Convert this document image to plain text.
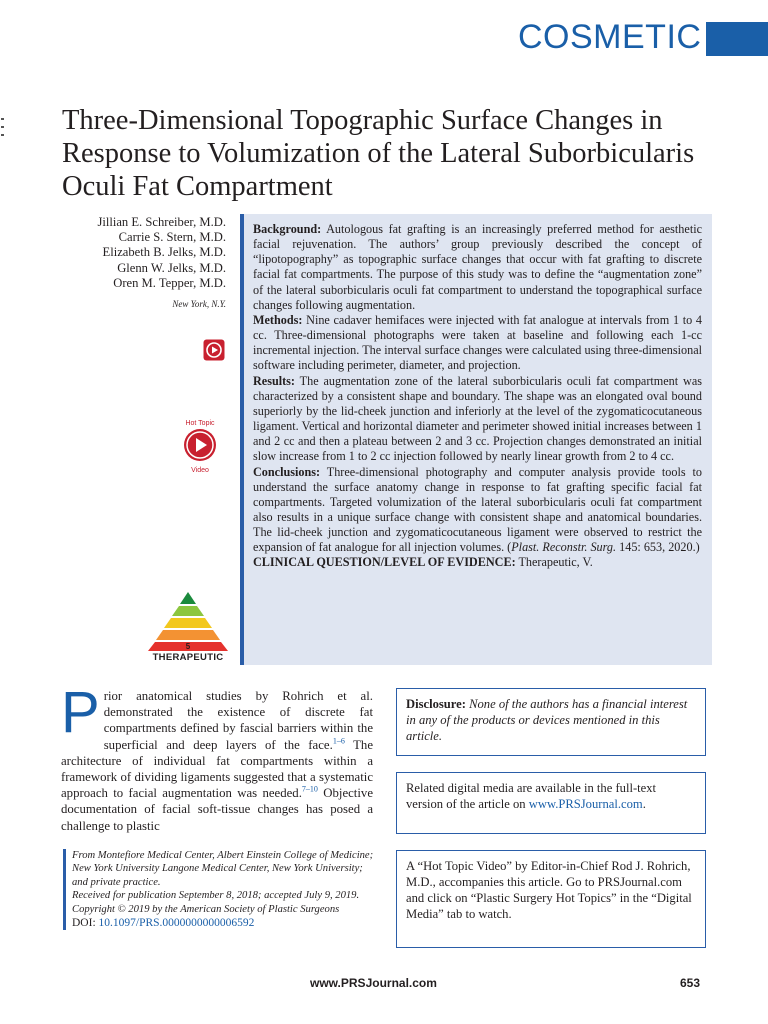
COSMETIC
Three-Dimensional Topographic Surface Changes in Response to Volumization of the Lateral Suborbicularis Oculi Fat Compartment
Jillian E. Schreiber, M.D.
Carrie S. Stern, M.D.
Elizabeth B. Jelks, M.D.
Glenn W. Jelks, M.D.
Oren M. Tepper, M.D.
New York, N.Y.
Hot Topic
Video
5
THERAPEUTIC

Background: Autologous fat grafting is an increasingly preferred method for aesthetic facial rejuvenation. The authors’ group previously described the concept of “lipotopography” as topographic surface changes that occur with fat grafting to discrete facial fat compartments. The purpose of this study was to define the “augmentation zone” of the lateral suborbicularis oculi fat compartment to understand the topographical surface changes following augmentation.

Methods: Nine cadaver hemifaces were injected with fat analogue at intervals from 1 to 4 cc. Three-dimensional photographs were taken at baseline and following each 1-cc incremental injection. The interval surface changes were calculated using three-dimensional software including perimeter, diameter, and projection.

Results: The augmentation zone of the lateral suborbicularis oculi fat compartment was characterized by a consistent shape and boundary. The shape was an elongated oval bound superiorly by the lid-cheek junction and inferiorly at the level of the zygomaticocutaneous ligament. Vertical and horizontal diameter and perimeter showed initial increases between 1 and 2 cc and then a plateau between 2 and 3 cc. Projection changes demonstrated an initial slow increase from 1 to 2 cc injection followed by nearly linear growth from 2 to 4 cc.

Conclusions: Three-dimensional photography and computer analysis provide tools to understand the surface anatomy change in response to fat grafting specific facial fat compartments. Targeted volumization of the lateral suborbicularis oculi fat compartment also results in a unique surface change with consistent shape and anatomical boundaries. The lid-cheek junction and zygomaticocutaneous ligament were observed to restrict the expansion of fat analogue for all injection volumes. (Plast. Reconstr. Surg. 145: 653, 2020.)

CLINICAL QUESTION/LEVEL OF EVIDENCE: Therapeutic, V.

Prior anatomical studies by Rohrich et al. demonstrated the existence of discrete fat compartments defined by fascial barriers within the superficial and deep layers of the face.$^{1-6}$ The architecture of individual fat compartments within a framework of dividing ligaments suggested that a systematic approach to facial augmentation was needed.$^{7-10}$ Objective documentation of facial soft-tissue changes has posed a challenge to plastic
From Montefiore Medical Center, Albert Einstein College of Medicine; New York University Langone Medical Center, New York University; and private practice.
Received for publication September 8, 2018; accepted July 9, 2019.
Copyright © 2019 by the American Society of Plastic Surgeons
DOI: 10.1097/PRS.0000000000006592
Disclosure: None of the authors has a financial interest in any of the products or devices mentioned in this article.
Related digital media are available in the full-text version of the article on www.PRSJournal.com.
A “Hot Topic Video” by Editor-in-Chief Rod J. Rohrich, M.D., accompanies this article. Go to PRSJournal.com and click on “Plastic Surgery Hot Topics” in the “Digital Media” tab to watch.
www.PRSJournal.com	653
